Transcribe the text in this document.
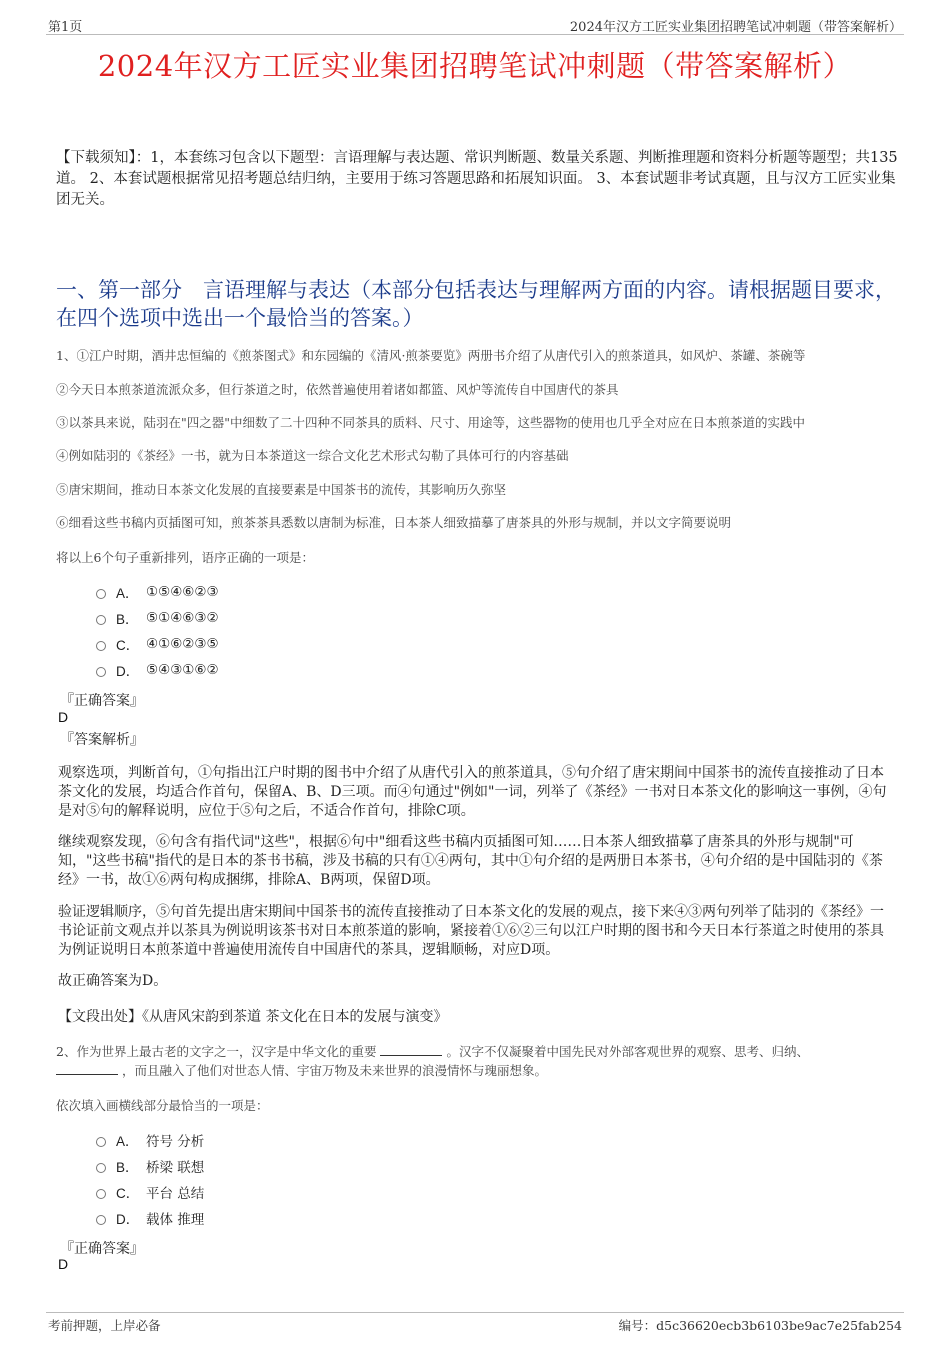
第1页	2024年汉方工匠实业集团招聘笔试冲刺题（带答案解析）
2024年汉方工匠实业集团招聘笔试冲刺题（带答案解析）
【下载须知】：1，本套练习包含以下题型：言语理解与表达题、常识判断题、数量关系题、判断推理题和资料分析题等题型；共135道。 2、本套试题根据常见招考题总结归纳，主要用于练习答题思路和拓展知识面。 3、本套试题非考试真题，且与汉方工匠实业集团无关。
一、第一部分　言语理解与表达（本部分包括表达与理解两方面的内容。请根据题目要求，在四个选项中选出一个最恰当的答案。）
1、①江户时期，酒井忠恒编的《煎茶图式》和东园编的《清风·煎茶要览》两册书介绍了从唐代引入的煎茶道具，如风炉、茶罐、茶碗等
②今天日本煎茶道流派众多，但行茶道之时，依然普遍使用着诸如都篮、风炉等流传自中国唐代的茶具
③以茶具来说，陆羽在"四之器"中细数了二十四种不同茶具的质料、尺寸、用途等，这些器物的使用也几乎全对应在日本煎茶道的实践中
④例如陆羽的《茶经》一书，就为日本茶道这一综合文化艺术形式勾勒了具体可行的内容基础
⑤唐宋期间，推动日本茶文化发展的直接要素是中国茶书的流传，其影响历久弥坚
⑥细看这些书稿内页插图可知，煎茶茶具悉数以唐制为标准，日本茶人细致描摹了唐茶具的外形与规制，并以文字简要说明
将以上6个句子重新排列，语序正确的一项是：
A． ①⑤④⑥②③
B． ⑤①④⑥③②
C． ④①⑥②③⑤
D． ⑤④③①⑥②
『正确答案』
D
『答案解析』
观察选项，判断首句，①句指出江户时期的图书中介绍了从唐代引入的煎茶道具，⑤句介绍了唐宋期间中国茶书的流传直接推动了日本茶文化的发展，均适合作首句，保留A、B、D三项。而④句通过"例如"一词，列举了《茶经》一书对日本茶文化的影响这一事例，④句是对⑤句的解释说明，应位于⑤句之后，不适合作首句，排除C项。
继续观察发现，⑥句含有指代词"这些"，根据⑥句中"细看这些书稿内页插图可知……日本茶人细致描摹了唐茶具的外形与规制"可知，"这些书稿"指代的是日本的茶书书稿，涉及书稿的只有①④两句，其中①句介绍的是两册日本茶书，④句介绍的是中国陆羽的《茶经》一书，故①⑥两句构成捆绑，排除A、B两项，保留D项。
验证逻辑顺序，⑤句首先提出唐宋期间中国茶书的流传直接推动了日本茶文化的发展的观点，接下来④③两句列举了陆羽的《茶经》一书论证前文观点并以茶具为例说明该茶书对日本煎茶道的影响，紧接着①⑥②三句以江户时期的图书和今天日本行茶道之时使用的茶具为例证说明日本煎茶道中普遍使用流传自中国唐代的茶具，逻辑顺畅，对应D项。
故正确答案为D。
【文段出处】《从唐风宋韵到茶道 茶文化在日本的发展与演变》
2、作为世界上最古老的文字之一，汉字是中华文化的重要	。汉字不仅凝聚着中国先民对外部客观世界的观察、思考、归纳、
，而且融入了他们对世态人情、宇宙万物及未来世界的浪漫情怀与瑰丽想象。
依次填入画横线部分最恰当的一项是：
A． 符号 分析
B． 桥梁 联想
C． 平台 总结
D． 载体 推理
『正确答案』
D
考前押题，上岸必备	编号：d5c36620ecb3b6103be9ac7e25fab254
